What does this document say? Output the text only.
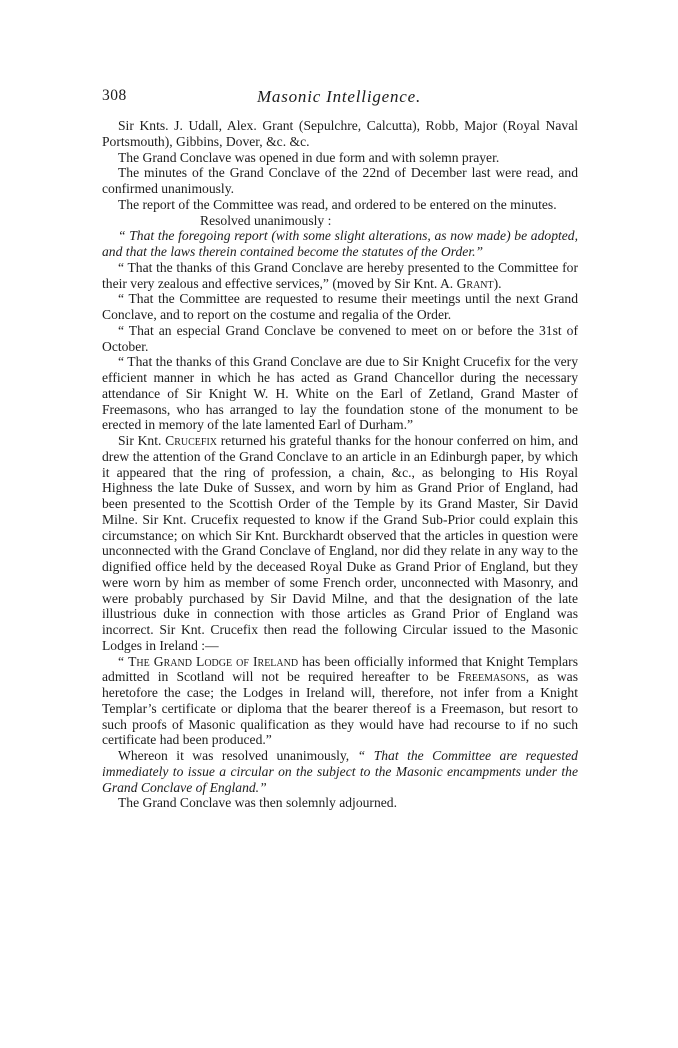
308	Masonic Intelligence.

Sir Knts. J. Udall, Alex. Grant (Sepulchre, Calcutta), Robb, Major (Royal Naval Portsmouth), Gibbins, Dover, &c. &c.

The Grand Conclave was opened in due form and with solemn prayer.

The minutes of the Grand Conclave of the 22nd of December last were read, and confirmed unanimously.

The report of the Committee was read, and ordered to be entered on the minutes.

Resolved unanimously :

“ That the foregoing report (with some slight alterations, as now made) be adopted, and that the laws therein contained become the statutes of the Order.”

“ That the thanks of this Grand Conclave are hereby presented to the Committee for their very zealous and effective services,” (moved by Sir Knt. A. Grant).

“ That the Committee are requested to resume their meetings until the next Grand Conclave, and to report on the costume and regalia of the Order.

“ That an especial Grand Conclave be convened to meet on or before the 31st of October.

“ That the thanks of this Grand Conclave are due to Sir Knight Crucefix for the very efficient manner in which he has acted as Grand Chancellor during the necessary attendance of Sir Knight W. H. White on the Earl of Zetland, Grand Master of Freemasons, who has arranged to lay the foundation stone of the monument to be erected in memory of the late lamented Earl of Durham.”

Sir Knt. Crucefix returned his grateful thanks for the honour conferred on him, and drew the attention of the Grand Conclave to an article in an Edinburgh paper, by which it appeared that the ring of profession, a chain, &c., as belonging to His Royal Highness the late Duke of Sussex, and worn by him as Grand Prior of England, had been presented to the Scottish Order of the Temple by its Grand Master, Sir David Milne. Sir Knt. Crucefix requested to know if the Grand Sub-Prior could explain this circumstance; on which Sir Knt. Burckhardt observed that the articles in question were unconnected with the Grand Conclave of England, nor did they relate in any way to the dignified office held by the deceased Royal Duke as Grand Prior of England, but they were worn by him as member of some French order, unconnected with Masonry, and were probably purchased by Sir David Milne, and that the designation of the late illustrious duke in connection with those articles as Grand Prior of England was incorrect. Sir Knt. Crucefix then read the following Circular issued to the Masonic Lodges in Ireland :—

“ The Grand Lodge of Ireland has been officially informed that Knight Templars admitted in Scotland will not be required hereafter to be Freemasons, as was heretofore the case; the Lodges in Ireland will, therefore, not infer from a Knight Templar’s certificate or diploma that the bearer thereof is a Freemason, but resort to such proofs of Masonic qualification as they would have had recourse to if no such certificate had been produced.”

Whereon it was resolved unanimously, “ That the Committee are requested immediately to issue a circular on the subject to the Masonic encampments under the Grand Conclave of England.”

The Grand Conclave was then solemnly adjourned.
